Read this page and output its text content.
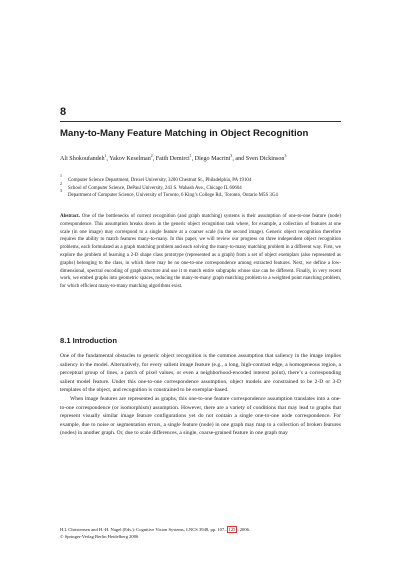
8
Many-to-Many Feature Matching in Object Recognition
Ali Shokoufandeh$^1$, Yakov Keselman$^2$, Fatih Demirci$^1$, Diego Macrini$^3$, and Sven Dickinson$^3$
1
Computer Science Department, Drexel University, 3200 Chestnut St., Philadelphia, PA 19104
2
School of Computer Science, DePaul University, 243 S. Wabash Ave., Chicago IL 60604
3
Department of Computer Science, University of Toronto, 6 King’s College Rd., Toronto, Ontario M5S 3G4
Abstract. One of the bottlenecks of current recognition (and graph matching) systems is their assumption of one-to-one feature (node) correspondence. This assumption breaks down in the generic object recognition task where, for example, a collection of features at one scale (in one image) may correspond to a single feature at a coarser scale (in the second image). Generic object recognition therefore requires the ability to match features many-to-many. In this paper, we will review our progress on three independent object recognition problems, each formulated as a graph matching problem and each solving the many-to-many matching problem in a different way. First, we explore the problem of learning a 2-D shape class prototype (represented as a graph) from a set of object exemplars (also represented as graphs) belonging to the class, in which there may be no one-to-one correspondence among extracted features. Next, we define a low-dimensional, spectral encoding of graph structure and use it to match entire subgraphs whose size can be different. Finally, in very recent work, we embed graphs into geometric spaces, reducing the many-to-many graph matching problem to a weighted point matching problem, for which efficient many-to-many matching algorithms exist.
8.1 Introduction

One of the fundamental obstacles to generic object recognition is the common assumption that saliency in the image implies saliency in the model. Alternatively, for every salient image feature (e.g., a long, high-contrast edge, a homogeneous region, a perceptual group of lines, a patch of pixel values, or even a neighborhood-encoded interest point), there’s a corresponding salient model feature. Under this one-to-one correspondence assumption, object models are constrained to be 2-D or 3-D templates of the object, and recognition is constrained to be exemplar-based.

When image features are represented as graphs, this one-to-one feature correspondence assumption translates into a one-to-one correspondence (or isomorphism) assumption. However, there are a variety of conditions that may lead to graphs that represent visually similar image feature configurations yet do not contain a single one-to-one node correspondence. For example, due to noise or segmentation errors, a single feature (node) in one graph may map to a collection of broken features (nodes) in another graph. Or, due to scale differences, a single, coarse-grained feature in one graph may

H.I. Christensen and H.-H. Nagel (Eds.): Cognitive Vision Systems, LNCS 3948, pp. 107– 125 , 2006.
© Springer-Verlag Berlin Heidelberg 2006
